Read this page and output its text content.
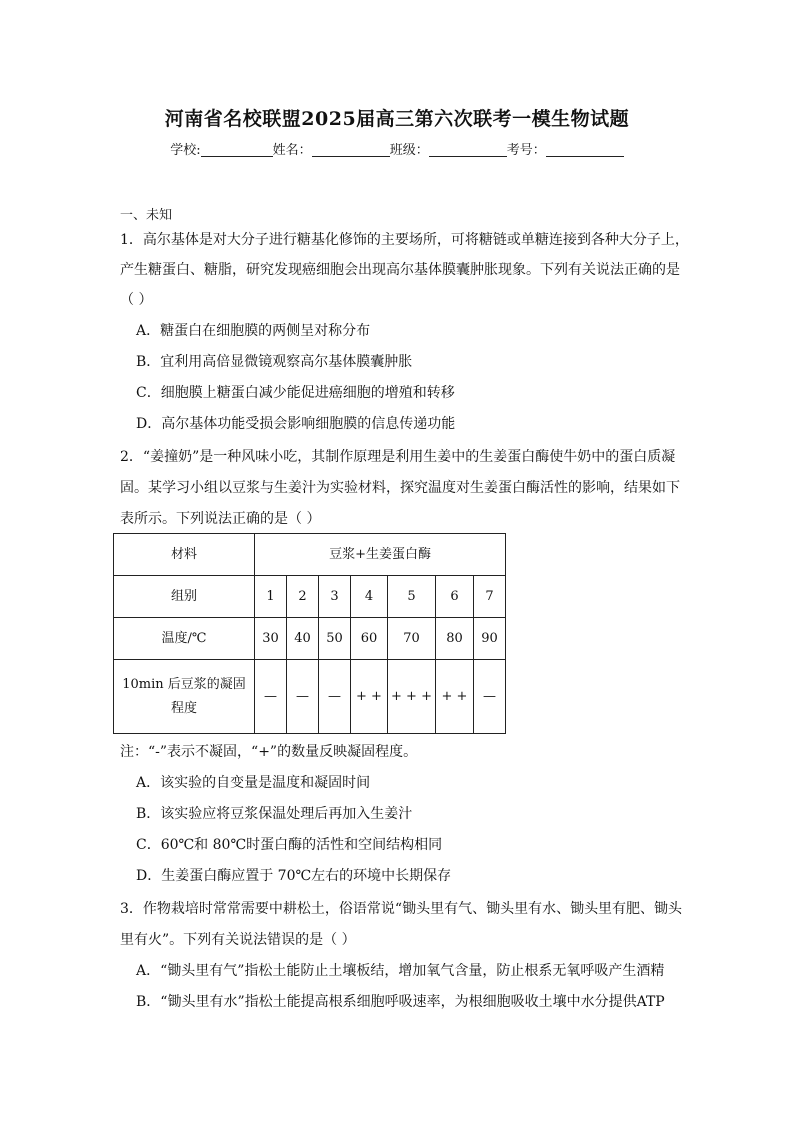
河南省名校联盟2025届高三第六次联考一模生物试题
学校:	姓名：	班级：	考号：
一、未知
1．高尔基体是对大分子进行糖基化修饰的主要场所，可将糖链或单糖连接到各种大分子上，
产生糖蛋白、糖脂，研究发现癌细胞会出现高尔基体膜囊肿胀现象。下列有关说法正确的是
（ ）
A．糖蛋白在细胞膜的两侧呈对称分布
B．宜利用高倍显微镜观察高尔基体膜囊肿胀
C．细胞膜上糖蛋白减少能促进癌细胞的增殖和转移
D．高尔基体功能受损会影响细胞膜的信息传递功能
2．“姜撞奶”是一种风味小吃，其制作原理是利用生姜中的生姜蛋白酶使牛奶中的蛋白质凝
固。某学习小组以豆浆与生姜汁为实验材料，探究温度对生姜蛋白酶活性的影响，结果如下
表所示。下列说法正确的是（ ）
材料	豆浆+生姜蛋白酶						
组别	1	2	3	4	5	6	7
温度/℃	30	40	50	60	70	80	90

10min 后豆浆的凝固
程度	—	—	—	+ +	+ + +	+ +	—
注：“-”表示不凝固，“+”的数量反映凝固程度。
A．该实验的自变量是温度和凝固时间
B．该实验应将豆浆保温处理后再加入生姜汁
C．60℃和 80℃时蛋白酶的活性和空间结构相同
D．生姜蛋白酶应置于 70℃左右的环境中长期保存
3．作物栽培时常常需要中耕松土，俗语常说“锄头里有气、锄头里有水、锄头里有肥、锄头
里有火”。下列有关说法错误的是（ ）
A．“锄头里有气”指松土能防止土壤板结，增加氧气含量，防止根系无氧呼吸产生酒精
B．“锄头里有水”指松土能提高根系细胞呼吸速率，为根细胞吸收土壤中水分提供ATP
